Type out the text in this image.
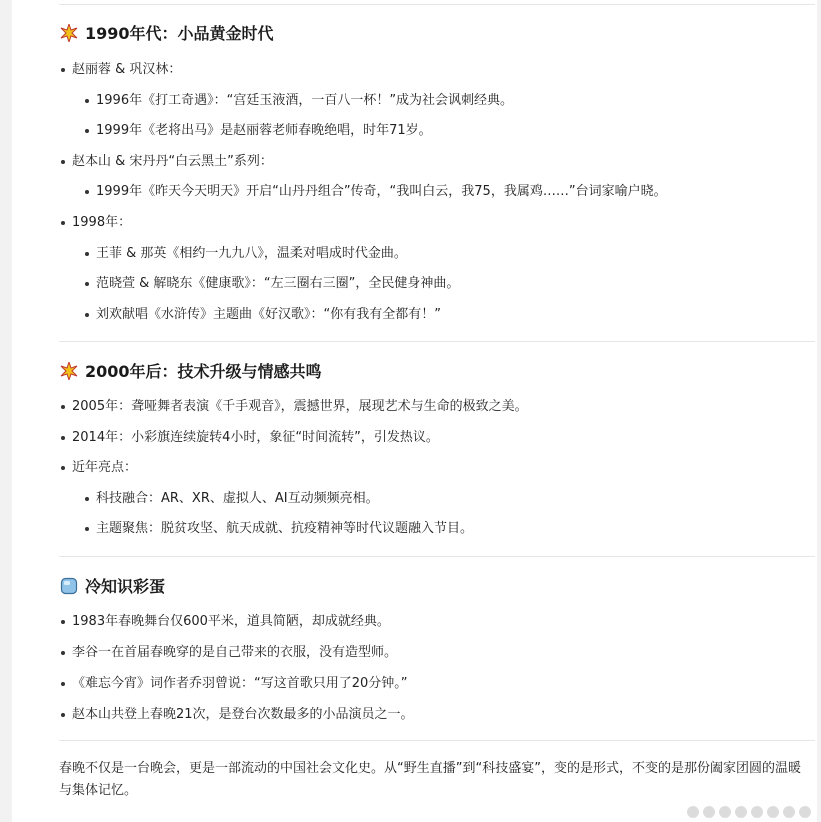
1990年代：小品黄金时代
赵丽蓉 & 巩汉林：
1996年《打工奇遇》：“宫廷玉液酒，一百八一杯！”成为社会讽刺经典。
1999年《老将出马》是赵丽蓉老师春晚绝唱，时年71岁。
赵本山 & 宋丹丹“白云黑土”系列：
1999年《昨天今天明天》开启“山丹丹组合”传奇，“我叫白云，我75，我属鸡……”台词家喻户晓。
1998年：
王菲 & 那英《相约一九九八》，温柔对唱成时代金曲。
范晓萱 & 解晓东《健康歌》：“左三圈右三圈”，全民健身神曲。
刘欢献唱《水浒传》主题曲《好汉歌》：“你有我有全都有！”
2000年后：技术升级与情感共鸣
2005年：聋哑舞者表演《千手观音》，震撼世界，展现艺术与生命的极致之美。
2014年：小彩旗连续旋转4小时，象征“时间流转”，引发热议。
近年亮点：
科技融合：AR、XR、虚拟人、AI互动频频亮相。
主题聚焦：脱贫攻坚、航天成就、抗疫精神等时代议题融入节目。
冷知识彩蛋
1983年春晚舞台仅600平米，道具简陋，却成就经典。
李谷一在首届春晚穿的是自己带来的衣服，没有造型师。
《难忘今宵》词作者乔羽曾说：“写这首歌只用了20分钟。”
赵本山共登上春晚21次，是登台次数最多的小品演员之一。
春晚不仅是一台晚会，更是一部流动的中国社会文化史。从“野生直播”到“科技盛宴”，变的是形式，不变的是那份阖家团圆的温暖与集体记忆。
